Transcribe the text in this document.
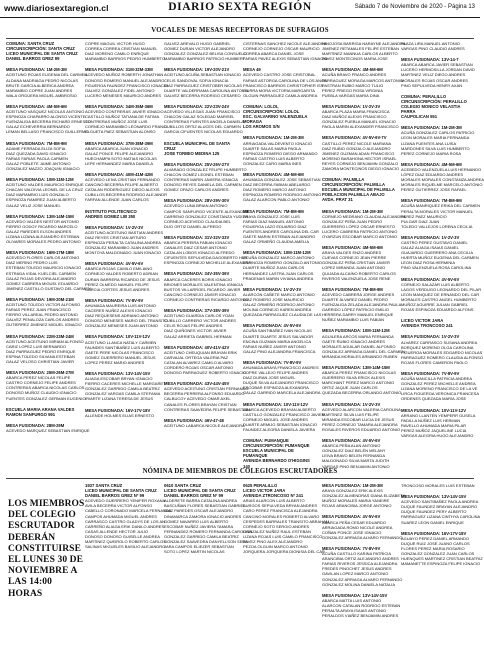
www.diariosextaregion.cl	DIARIO SEXTA REGIÓN	Sábado 7 de Noviembre de 2020 - Página 13
VOCALES DE MESAS RECEPTORAS DE SUFRAGIOS
COMUNA: SANTA CRUZ
CIRCUNSCRIPCIÓN: SANTA CRUZ
LICEO MUNICIPAL DE SANTA CRUZ
DANIEL BARROS GREZ 99
MESA FUSIONADA: 1M-2M-3M
ACEITUNO ROJAS EUGENIA DEL CARMEN
ALDANA MADRIAGA PEDRO NICOLAS
BRUTE GARCIA ALBERICA ANDREA
MARAMBIO COPRE JUAN ANDRES
WALA ORGUERA MIGUEL AMBROSIO
MESA FUSIONADA: 4M-5M-6M
ACEITUNO VASQUEZ NICOLAS ANTONIO
ESPINOZA CHAPARRO ALONSO VICENTE
FUENZALIDA BECERRA RICHARD ERNESTO
GALAZ ECHEVERRIA BERNARDO
LEMAN BELLASO FRANCISCO GUILLERMO
MESA FUSIONADA: 7M-8M-9M
ADAME FERRADA ELIZA SOFIA
DIAZ QUEZADA DAVID IGNACIO
FARIAS FARIAS PAOLA CARMEN
GALAZ POBLETE JAIME ANTONIO
GONZALEZ MAZZO JOAQUIN IGNACIO
MESA FUSIONADA: 10M-11M-12M
ACEITUNO VALDES MAURICIO ENRIQUE
CHACAN VALDIVIA LEONEL DE LA CRUZ
DIAZ MARAMBIO LUIS GONZALO
ESPINOZA RAMIREZ JUAN ALBERTO
GALAZ VELIZ JOSE MANUEL
MESA FUSIONADA: 13M-14M-15M
ACEVEDO VALDES NESTOR ANTONIO
FIERRO GODOY RICARDO MARCELO
GALAZ PAREDES ELSON ANDRES
LIZANA LIZANA ALEJANDRO ESTEBAN
OLIVARES MORALES PEDRO ANTONIO
MESA FUSIONADA: 16M-17M-18M
ACEVEDO FLORES CARLOS ANTONIO
DIAZ MERINO PEDRO LUIS
ESTEBAN TOLEDO MAURICIO IGNACIO
ESTRADA VIDAL KUELCIEL CARMEN
GALAZ ROJAS DEVORA ALEJANDRO
GOMEZ CABRERA MIGUEL EDUARDO
JIMENEZ CASTILLO GUSTAVO DEL CARMEN
MESA FUSIONADA: 19M-20M-21M
ACEITUNO TOLEDO VICTOR ALFONSO
FARIAS PEREZ JUAN FRANCISCO
FIERRO VILLAREAL PEDRO ANTONIO
GALVEZ PENALOZA CARLOS ANDRES
GUTIERREZ JIMENEZ MIGUEL IGNACIO
MESA FUSIONADA: 22M-23M-24M
ACEITUNO ACEITUNO MIRIAM ALFONSO
CARIZ LOPEZ LUIS BERNARDO
DIAZ PARRAGUEZ PEDRO ENRIQUE
ESPINA TOLEDO SILVANA ESTEBAN
GALAZ VELOSO CHRISTIAN JAVIER
MESA FUSIONADA: 25M-26M-27M
ABARCA PEREZ NICOLAS FELIPE
CASTRO CORNEJO FELIPE ANDRES
CONTRERAS ABARCA NICOLAS CARLOS
DONOSO MUÑOZ CLAUDIO IGNACIO
FUENTES GONZALEZ GERMAN EUGENIO
ESCUELA MARIA ARANA VALDES
RAMON SANFURGO 591
MESA FUSIONADA: 28M-29M
ACEVEDO MARQUEZ SEBASTIAN ENRIQUE
COPRE MAGUIL VICTOR HUGO
CORREA CORREA CRISTIAN MANUEL
DIAZ MORENO CAMILO ENRIQUE
MARAMBIO BARRIOS PEDRO HUMBERTO
MESA FUSIONADA: 31M-32M-33M
ACEVEDO MUÑOZ ROBERTH JONATHAN
DONOSO ROMERO MANUEL ALEJANDRO
FIGUEROA FAUNDEZ FRANCISCO IGNACIO
GALVEZ GONZALEZ FIDEL ANTONIO
LUCERO MENESES MAURICIO ANDRES
MESA FUSIONADA: 34M-35M-36M
ACEVEDO CONTRERAS JAVIER IGNACIO
CASTILLO MUÑOZ TATIANA DE FATIMA
CONTRERAS MUÑOZ JOSE LUIS
CORNEJO MARAMBIO LEONARDO FRANCI
ELGUETA PAEZ SEBASTIAN ALONSO
MESA FUSIONADA: 37M-38M-39M
ABARCA ABARCA JUAN IGNACIO
GALAZ PONCE FELIPE ALEJANDRO
HUECHAMPA SOTO MATIAS NICOLAS
LEPE HERNANDEZ MARIA DANIELA
MESA FUSIONADA: 40M-41M-42M
ACEVEDO LEIVA CRISTIAN FERNANDO
CANCINO BECERRA FELIPE ALBERTO
CATALAN RODERIGUEZ DIEGO ALEXIS
CUBILLOS BECERRA RODRIGO ALEJANDR
FARFAN ALLENDE JUAN CARLOS
INSTITUTO POLITECNICO
ANDRES GOMEZ LIB 350
MESA FUSIONADA: 1V-2V-3V
ACEITUNO ACEITUNO BASTIAN ANDRES
DIAZ REYES CRISTIAN ARTURO
ESPINOZA PERALTA CATALINA ANDREA
GONZALEZ MARAMBIO JUAN ANDRES
MONTOYA MALDONADO JUAN IGNACIO
MESA FUSIONADA: 4V-5V-6V
ABARCA ROJAS CAMILO EMILIANO
CORNEJO VALDES ROBERTO ADRIAN
DURAN BARRERA RICARDO DE JESUS
PEREZ OLMEDO NAHUEL FELIPE
GARCIA CORTES JESUS ANDRES
MESA FUSIONADA: 7V-8V-9V
AHUMADA MAUREIRA LUIS ANTONIO
CACERES NUÑEZ ALEXIS IGNACIO
DIAZ REQUESENS ADRIANO ANTONIO
DONOSO MENESES MARIO DEL TRANSITO
GONZALEZ MENESES JUAN ANTONIO
MESA FUSIONADA: 10V-11V-12V
ACEITUNO LLANCA NATALY CARMEN
FAUNDES SANTIBAÑEZ LUIS ALBERTO
GAETE PERE NICOLAS FRANCISCO
GOMEZ GUERRERO MANUEL JESUS
LOPEZ PEREZ MARIO ANDRES
MESA FUSIONADA: 13V-14V-15V
ALIAGA ESCOBAR BRYAN IGNACIO
FIERRO CACERES MICHELLE MARGARET
GONZALEZ GARRIDO CAMILA BEATRIZ
GONZALEZ VARGAS CAMILA STEFANIA
IRIARTE LIZANA TERESA DE JESUS
MESA FUSIONADA: 16V-17V-18V
ALLENDE HOLMES ELIAS ERNESTO
GALVEZ AREVALO HUGO GABRIEL
GOMEZ DURAN VICTOR ALEJANDRO
GONZALEZ GONZALEZ BELISA CONSUELO
MARAMBIO BARRIOS PATRICIO HUMBERT
MESA FUSIONADA: 19V-20V-21V
ACEITUNO ACUÑA SEBASTIAN IGNACIO
CELIS SANDOVAL SOFIA IGNACIA
DIAZ PARRAGUEZ CRISTOBER NICOLAS
DUARTE VALDERRAMA CAROLINA ANTONIA
GALVEZ BECERRA RODRIGO CESAREO
MESA FUSIONADA: 22V-23V-24V
ACEVEDO VILLEGAS JUAN FRANCISCO
CHACON GALAZ SOLEDAD MARISEL
CONTRERAS FUENTES ANGELA DANIELA
CUBILLOS ORTIZ ALUCES DEL CARMEN
GARCIA CIFUENTES NICOLAS EDUARDO
ESCUELA MUNICIPAL DE SANTA CRUZ
JOSE TORIBIO MEDINA 125
MESA FUSIONADA: 25V-26V-27V
ALVARADO GONZALEZ FELIPE HUMBERTO
CHACON GOMEZ LEONEL ESTEBAN
CONTRERAS MARIN JAVIERA IGNACIA
DONOSO REYES DANIELA DEL CARMEN
GOMEZ OPAZO CARLOS ANDRES
MESA FUSIONADA: 28V-29V-30V
ACEVEDO LUNA BRIAN ANTONIO
CAMPOS SANFURGO VICENTE ALEXANDER
CARRENO GONZALEZ CONSTANZA YUDITH
CORNEJO ACEVEDO CLAUDIA BEL
DIJO ORTIZ DANIEL ALFREDO
MESA FUSIONADA: 31V-32V-33V
ABARCA PEREIRA FABIAN IGNACIO
CANALES DIAZ CESAR ANTONIO
CATALAN LOBOS IGNACIO ALFREDO
CIFUENTES SEPULVEDA DAGOBERTO HER
ESPINOZA CORNEJO MICHELLE ALEXANDRA
MESA FUSIONADA: 34V-35V-36V
ABARCA CACERES BORIS IGNACIO
BRIONES MORALES VALENTINA IGNACIA
BUSTOS VILLARROEL RICARDO JAVIER
CANCINO CORNEJO JAVIER IGNACIO
CORNEJO CONTRERAS RICARDO ANTONIO
MESA FUSIONADA: 37V-38V-39V
ACEITUNO GUARDIA CARLOS YOAN
CUBILLO CARRERO VICTOR ANDRES
CELIS ROJAS FELIPE ANDRES
DIAZ QUIÑONES VICTOR JAVIER
GALAZ ARRIETA GABRIEL HERMAN
MESA FUSIONADA: 40V-41V-42V
ACEITUNO CHEUQUIAN BRAYAN ERIK
CARVAJAL ORTEGA VALERIA PAZ
CATALAN ALVAREZ CAMILO ALVARO
CORDERO ROJAS OSCAR ANTONIO
DONOSO PARRAGUEZ ROBERTO IGNACIO
MESA FUSIONADA: 43V-44V-45V
ACEVEDO ACEITUNO CRISTIAN FERNANDO
BECERRA PERRERA ALFONSO EDUARDO
CALBUCOY ACEVEDO OMAR AXEL
CANALES FLORES BRAYAN CRISTIAN
CONTRERAS SAAVEDRA FELIPE SEBASTIAN
MESA FUSIONADA: 46V-47-48
ACEITUNO LABARCA NICOLE ALEJANDRA
CISTERNAS SANCHEZ NICOLE ALEJANDRA
CORNEJO CORNEJO OSCAR MAURICIO
CORREA ABARCA DANIEL JOSE
FARIAS PAVEZ ALEXIS SEBASTIAN IGNACIO
MESA 49
ACEVEDO CASTRO JOSE CRISTOBAL
FARIAS ASTORGA CAROLINA DE LOS ANGE
FRANCISCO BARRIOS CHRISTOPHER ISS
ITURRA MORA VICTORIA MARGARITA
OLGUIN PARRAGUEZ CAMILA ANDREA
COMUNA: LOLOL
CIRCUNSCRIPCIÓN: LOLOL
ESC. GALVARINO VALENZUELA MORAGA
LOS AROMOS S/N
MESA FUSIONADA: 1M-2M-3M
ARRIAGADA VALDEVENTO IGNACIO
DUARTE SALAS MARIA PAOLA
ESPINOZA ROMERO DIEGO ARMANDO
FARIAS CASTRO LUIS ALBERTO
GONZALEZ CARO MARIA INES
MESA FUSIONADA: 4M-5M-6M
AHUMADA GONZALEZ JOSE SEBASTIAN
DIAZ BECERRA FABIAN ABELARDO
DIAZ ROMERO MARCO ANTONIO
ESPINOZA ROMERO RODRIGO ANTONIO
GALAZ ALARCON PABLO ANTONIO
MESA FUSIONADA: 7M-8M-9M
ARAYA GONZALEZ JOSE LUIS
FARIAS DIAZ MANUEL ANTONIO
FIGUEROA LAZO EDUARDO DIAZ
FUENTES ANDRES CAROLINA DEL CAR
GAETE MARIN ESTEBAN ALEJANDRO
GALAZ ORMEÑO CLAUDIA AMELIA
MESA FUSIONADA: 10M-11M-12M
ACUÑA GONZALEZ MARCO ANTONIO
ESPINOZA ROMERO GONZALO ANTONIO
DUARTE MUÑOZ JUAN CARLOS
HERNANDEZ LASTRA JUAN CARLOS
PRADENAS MARIN VIVIANA ANDREA
MESA FUSIONADA: 1V-2V-3V
ALARCON CAÑETE MARCO ANTONIO
DIAZ ROMERO JOSE MAURICIO
GALAZ ORMEÑO RODRIGO ANTONIO
MOLINA CORNEJO KAREN ANDREA
QUEZADA PARRAGUEZ CLAUDIA DE LAS
MESA FUSIONADA: 4V-5V-6V
ACUÑA SANTIBAÑEZ IVAN NICOLAS
DUARTE DUARTE JESUS SALVADOR
ENCINA GUZMAN MARIA ANGELICA
FARIAS NUÑEZ JAVIER ANTONIO
GALAZ PINO ALEJANDRA FRANCISCA
MESA FUSIONADA: 7V-8V-9V
AHUMADA ARAYA FRANCISCO ANDRES
COPRE VALLEJO FELIPE ANDRES
DIAZ DURAN JOSE MIGUEL
DUQUE SILVA ALEJANDRO FRANCISCO
ESCOBAR ESPINOZA ALEXANDRA
GALAZ GARRIDO MARCELA ALEJANDRA
MESA FUSIONADA: 10V-11V-12V
ABARCA ACEVEDO BRAYAN ALBERTO
CASTILLO GONZALEZ FRANCISCO JAVIER
CORNEJO MIGUEL JOSE ANDRES
DUARTE ARMIJO SEBASTIAN IGNACIO
FAUNDEZ ALEGRIA DANIELA JAVIERA
COMUNA: PUMANQUE
CIRCUNSCRIPCIÓN: PUMANQUE
ESCUELA MUNICIPAL DE PUMANQUE
AVENIDA BERNARDO O'HIGGINS 140
HINOJOSA BARRIGA NARAYNE ALEJANDRA
JIMENEZ RETAMALES FELIPE ESTEBAN
MARTINEZ MANNUA CARLOS ALBERTO
PAVEZ MONTECINOS MARIA JOSE
MESA FUSIONADA: 4M-5M-6M
ACUÑA BRAVO FRANCO ANDRES
PARRAGUEZ MORAGA MARCOS ANTONIO
PASTRAN RUBIO MARCO TULIO
PEREZ PRIEGO ROSA VIRGINIA
PUEBLA VARGAS MARIA DINA
MESA FUSIONADA: 1V-2V-3V
ABARCA PLAZA MARIA FRANCISCA
DIAZ MUÑOZ ALEXIS FRANCISCO
GONZALEZ PUEBLA MANUEL IGNACIO
PAOLA MARIN ALEXANDER FRANCISCO
MESA FUSIONADA: 4V-5V-6V-7V
CASTILLO PEREZ NICOLE MARIANA
DIAZ RUBIO GONZALO ALEJANDRO
JIMENEZ GUZMAN ADAN FRANCISCO
MORENO BARAHONA HECTOR ISRAEL
REYES CORNEJO BENJAMIN GONZALO
ZAMORA MONTECINOS DIEGO IGNACIO
COMUNA: PALMILLA
CIRCUNSCRIPCIÓN: PALMILLA
ESCUELA MUNICIPAL DE PALMILLA
POBLACION PALMILLA ABAJO
AVDA. PRAT 31
MESA FUSIONADA: 1M-2M-3M
CORNEJO MEDRANO CLAUDIA ALEJANDRA
GONZALEZ PEÑA JUAN PEDRO
GUERRERO LÓPEZ OSCAR ERNESTO
LUCERO CABRERA PATRICIO ANTONIO
OYARZUN ESCOBAR MARCO ANTONIO
MESA FUSIONADA: 4M-5M-6M
ARAYA VALDES ENZO ANDRES
CUEVAS CORNEJO JEAN PIERRE
GONZALEZ PEÑA CRISTIAN JAVIER
LOPEZ MIRANDA JUAN ANTONIO
QUIJADA ALCAÍNO ROBERTO CARLOS
RIVEROS VALENZUELA JOSE RENE
MESA FUSIONADA: 7M-8M-9M
ACEVEDO CABRERA JORGE ANDRES
DUARTE ÁLVAREZ DANIEL PEDRO
FUENZALIDA ZELADA ALEJANDRA PAULA
GARRIDO LÓPEZ PATRICIO EMILIO
HERRERA DARRY MANUEL ENRIQUE
NUÑEZ MARAMBIO LUIS FABIAN
MESA FUSIONADA: 10M-11M-12M
AGUILERA ARCOS MARIA FERNANDA
GAETE RUBIO IGNACIO ANDRES
MORALES AGUILAR DANIEL ALFONSO
GONZALEZ ARRIAGA DANIEL DEL CARMEN
MIRANDA MORALES ARMANDO RUBEN
MESA FUSIONADA: 13M-14M-15M
ABARCA PEREZ FRANCISCO NICOLAS
GUERRERO SILVA ERICK ALEXIS
MARCHANT PEREZ MARCO ANTONIO
ORTIZ JAQUE JUAN CARLOS
QUEZADA BECERRA ORLANDO ANTONIO
MESA FUSIONADA: 1V-2V-3V
ACEVEDO ALARCON VALERIA CAROLINA
MARTINEZ SILVA LUIS FELIPE
MIRANDA ESCOBAR LUCIA DE JESUS
PEREZ CORNEJO TAMARA ALEJANDRA
ROSALES RIVEROS EDUARDO ANTONIO
MESA FUSIONADA: 4V-5V-6V
ABARCA PEÑA ALAN ANTONIO
GONZALEZ DIAZ BELÉN MELANY
LEIVA BRAVO BELEN FERNANDA
MALDONADO SILVA MARTA JUDITH
VARGAS PINO BENJAMIN ANTONIO
PLAZA LIRA MANUEL ANTONIO
VARGAS PINO CLAUDIO ANDRES
MESA FUSIONADA: 13V-14-7
ABARCA ABARCA JAVIER SEBASTIAN
LUCERO HERMOSILLA JORDAN DAVID
MARTINEZ VELIZ DIEGO ANDRES
MORALES ROJAS OSCAR ANDRES
PINO SEPULVEDA HENRY AXAN
COMUNA: PERALILLO
CIRCUNSCRIPCIÓN: PERALILLO
COLEGIO MONICO VELASTIA PARRA
CAUPOLICAN 551
MESA FUSIONADA: 1M-2M-3M
ACUÑA GONZALEZ CARLOS PATRICIO
LEON MORALES MARIA FERNANDA
LIZANA FUENTES ANA LUISA
MARDONES SILVA LUIS HUMBERTO
PEREZ CORNEJO MARIA ROSA
MESA FUSIONADA: 4M-5M-6M
ACEBEDO VALENZUELA LUIS HERNANDO
LÓPEZ DIAZ EDUARDO ANDRES
MORALES MORALES CONSTANZA ANDREA
MORALES RIQUELME MARCELO ANTONIO
PEREZ GUTIERREZ JOSE RAFAEL
MESA FUSIONADA: 7M-8M-9M
ACUÑA MANRIQUEZ ERIKA DEL CARMEN
PERALTA MORALES VICTOR MANUEL
PEREZ PAEZ MAURICIO
PULGAR DIAZ JUAN
TOLEDO VALLEJOS LORENA CECILIA
MESA FUSIONADA: 1V-2V-3V
CASTRO PEREZ GUSTAVO DANIEL
GALAZ ALIAGA ISAIAS DANIEL
GUAJARDO GUERRERO ANA CECILIA
HUERTA MUÑOZ EUGENIA DEL CARMEN
LEON DIAZ ROSA HERMINIA
PINO VALENZUELA ROSA CAROLINA
MESA FUSIONADA: 4V-5V-6V
CORNEJO SALAZAR LUIS ALBERTO
LAGOS VERDUGO LEONARDO DEL PILAR
LEON MANQUEZ DE ERNANDO DEL CAR
MORALES CASTRO ANGEL HUMBERTO
MUÑOZ AGUIRRE JULIAN GABRIEL
ROJAS ESPINOZA EDUARDO ALFONS
LICEO VICTOR JARA
AVENIDA TRONCOSO 241
MESA FUSIONADA: 1V-2V-3V
ALVAREZ CARRASCO SUSANA ANDREA
BORQUEZ MORENO OLGA CAROLINA
FIGUEROA MORALES EDGARDO NICOLAS
PARRAGUEZ ROMERO CLAUDIA ALFONSO
ROJAS FLORES CAMERON PAOLO
MESA FUSIONADA: 7V-8V-9V
ACUÑA MANCILLA PATRICIA ANDREA
GONZALEZ PEREZ MICHELLE ANDREA
LIZANA MORENO FRANCISCO DE LA VE
LIRCA FIGUEROA VERONICA FRANCESA
ORDENES QUEZADA MARIA JOSE
MESA FUSIONADA: 10V-11V-12V
ARRANO LLANTEN YEMPERR GUSELA
PADILLA NUÑEZ LUIS HERMAN
RAVELLO AHUMADA MARIA PILAR
PEREZ MUÑOZ JAQUELINE LUCIA
VARGAS ALEGRIA HUGO ALEJANDRO
NÓMINA DE MIEMBROS DE COLEGIOS ESCRUTADORES
LOS MIEMBROS DEL COLEGIO ESCRUTADOR DEBERÁN CONSTITUIRSE EL LUNES 30 DE NOVIEMBRE A LAS 14:00 HORAS
1937 SANTA CRUZ
LICEO MUNICIPAL DE SANTA CRUZ
DANIEL BARROS GREZ Nº 99
ACEVEDO GUERRERO YENIFER ROXANA
AVILA BECERRA VICTOR ALFONSO
CABELLO CORONADO MARCELA FERNANDA
CAMPOS AHUMADA MIGUEL ANDRES
CARRASCO CASTRO GLADYS DE LOS AN
CARREÑO ALIAGA ERIK DANILO ANDRES
CASAS ALLENDE HECTOR JULIO
DONOSO DONOSO GUISELLE ANDREA
MARTINEZ QUEIROLO ROBERTO CARLOS
SALINAS MIGUELES BASILIO ALEJANDRO
0610 SANTA CRUZ
LICEO MUNICIPAL DE SANTA CRUZ
DANIEL BARROS GREZ Nº 99
ALDERETE BARRA CATALINA ANDREA
BASCUÑAN FLORES SEBASTIAN GABRIEL
DIAZ PAREDES OSCAR ALEJANDRO
DINAMARCA ZAMORA IGNACIO ANDRES
GOMEZ NAVARRO LUIS ALBERTO
ESCOBAR NUÑEZ JAVIERA TAMARA
FERNANDEZ ROMERO FERNANDA CAROLINA
GONZALEZ GARRIDO CAMILA BEATRIZ
GONZALEZ SAAVEDRA DANYELLSON SEBA
JARA CAMPOS ELIEZER SEBASTIAN
SOTO LOPEZ MARTIN NICOLAS
0625 PERALILLO
LICEO VICTOR JARA
AVENIDA ZTRONCOSO Nº 241
ARIAS ALARCON LUIS ALBERTO
BURGOS SEPULVEDA BRYAN ANDRES
CARO PEREZ FRANCISCA ALEJANDRA
CANCINO MORALES ROBERTO ALVARO
CESPEDES BARRALES TRANSITO ABRAHAM
CORNEJO SOTO SERGIO ANDRES
GONZALEZ NUÑEZ RAUL ESTEBAN
LIZANA ROJAS LUIS CAMILO FRANCISCO
PAVEZ PINO ALEX ALEJANDRO
PEZOA OLGUIN MARCO ANTONIO
JORQUERA JORQUERA DIONISIA DEL CAR
MESA FUSIONADA: 1M-2M-3M
ARAYA GONZALEZ ERIK ALEXIS
GONZALEZ ALMENDRAS DIANA ELIZABETH
MUÑOZ MORALES MARIA YANEIRE
ROJAS ARANCIBIA JORGE ANTONIO
MESA FUSIONADA: 4V-5V-6V
ABARCA PEÑA CESAR EDUARDO
ARRIAGADA ROMO NICOLE ANDREA
COÑAN PONCE JOSE IGNACIO
GONZALEZ ARRIAGA ALVARO FERNANDO
MESA FUSIONADA: 7V-8V-9V
ACUÑA CASTILLO KARINA PATRICIA
ARANCIBIA ORTIZ ALEJANDRO ANDRES
FARIAS RIVEROS JESSICA ALEJANDRA
FREDES PINOCHET JESUS ANDRES
GAVILAN LOPEZ MARCO ANTONIO
GONZALEZ ARRIAGA ALVARO FERNANDO
GONZALEZ MOLINA DANIELA NATALIA
MESA FUSIONADA: 13V-14V-15V
ABARCA MATTA LUIS ANTONIO
ALARCON CATALAN RODRIGO ESTEBAN
PERALTA ARAYA ISAIAS ANTONIO
PERALDOS VIAÑEZ BENJAMIN ANDRES
TRONCOSO MORALES LUIS ESTEBAN
MESA FUSIONADA: 13V-14V-15V
ACEVEDO SANTIBAÑEZ PAOLA ANDREA
DUQUE FAUNDEZ BRAYAN ALEJANDRO
DUQUE FAUNDEZ PERY ALBERTO
PARRAGUEZ LIZANA CINTHYA CAROLINA
SUAREZ LEON DANIEL ENRIQUE
MESA FUSIONADA: 16V-17V-18V
AGUAYO PEREZ DANIEL ARMANDO
DUQUE RUIZ JOSE JUANO CARLOS
FLORES PEREZ MARIA ROSARIO
GONZALEZ GONZALEZ JUAN CARLOS
HUENQUES MARTINEZ CRISTIAN BEATRIZ
MAMANETTE ESPINOZA FELIPE IGNACIO
